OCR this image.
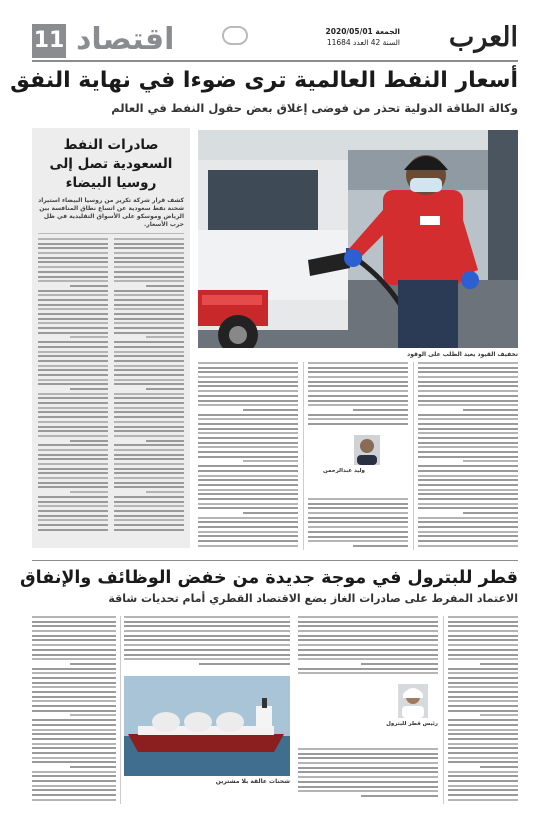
11 اقتصاد	الجمعة 2020/05/01
السنة 42 العدد 11684 العرب
أسعار النفط العالمية ترى ضوءا في نهاية النفق
وكالة الطاقة الدولية تحذر من فوضى إغلاق بعض حقول النفط في العالم
صادرات النفط السعودية تصل إلى روسيا البيضاء
كشف قرار شركة تكرير من روسيا البيضاء استيراد شحنة نفط سعودية عن اتساع نطاق المنافسة بين الرياض وموسكو على الأسواق التقليدية في ظل حرب الأسعار.
تخفيف القيود يعيد الطلب على الوقود
وليد عبدالرحمن
قطر للبترول في موجة جديدة من خفض الوظائف والإنفاق
الاعتماد المفرط على صادرات الغاز يضع الاقتصاد القطري أمام تحديات شاقة
شحنات عالقة بلا مشترين
رئيس قطر للبترول
